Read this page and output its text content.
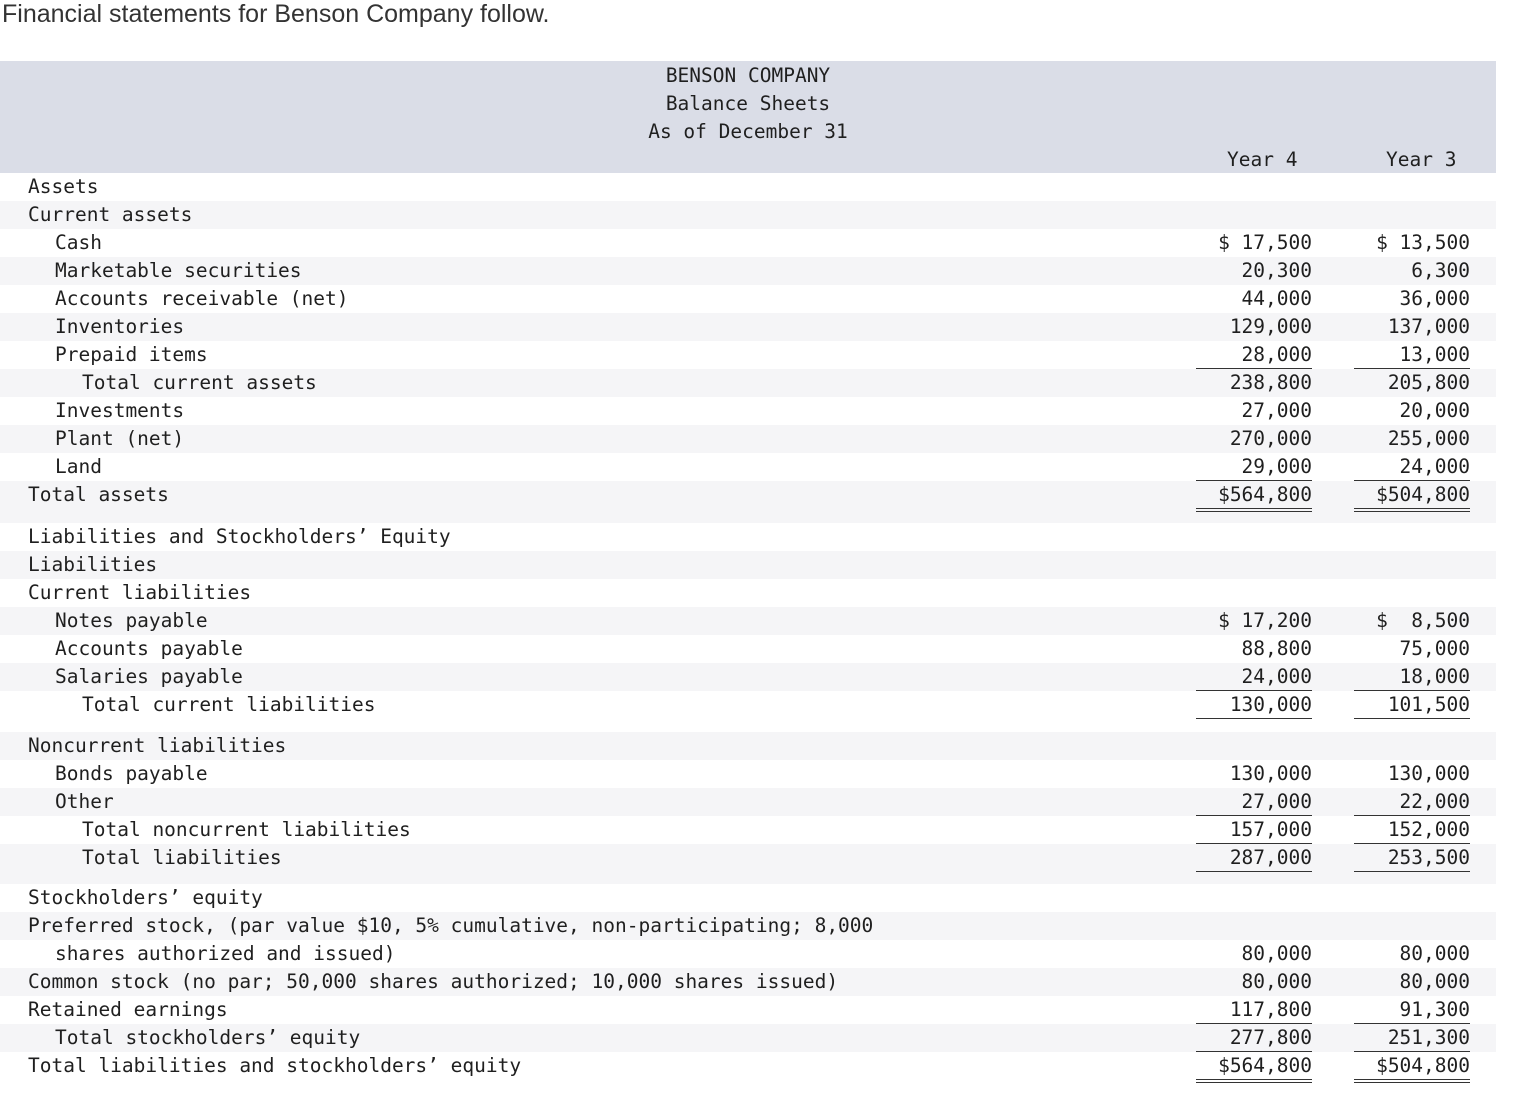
Financial statements for Benson Company follow.

BENSON COMPANY
Balance Sheets
As of December 31
Year 4	Year 3
Assets
Current assets
Cash	$ 17,500	$ 13,500
Marketable securities	20,300	6,300
Accounts receivable (net)	44,000	36,000
Inventories	129,000	137,000
Prepaid items	28,000	13,000
Total current assets	238,800	205,800
Investments	27,000	20,000
Plant (net)	270,000	255,000
Land	29,000	24,000
Total assets	$564,800	$504,800
Liabilities and Stockholders’ Equity
Liabilities
Current liabilities
Notes payable	$ 17,200	$  8,500
Accounts payable	88,800	75,000
Salaries payable	24,000	18,000
Total current liabilities	130,000	101,500
Noncurrent liabilities
Bonds payable	130,000	130,000
Other	27,000	22,000
Total noncurrent liabilities	157,000	152,000
Total liabilities	287,000	253,500
Stockholders’ equity
Preferred stock, (par value $10, 5% cumulative, non-participating; 8,000
shares authorized and issued)	80,000	80,000
Common stock (no par; 50,000 shares authorized; 10,000 shares issued)	80,000	80,000
Retained earnings	117,800	91,300
Total stockholders’ equity	277,800	251,300
Total liabilities and stockholders’ equity	$564,800	$504,800
